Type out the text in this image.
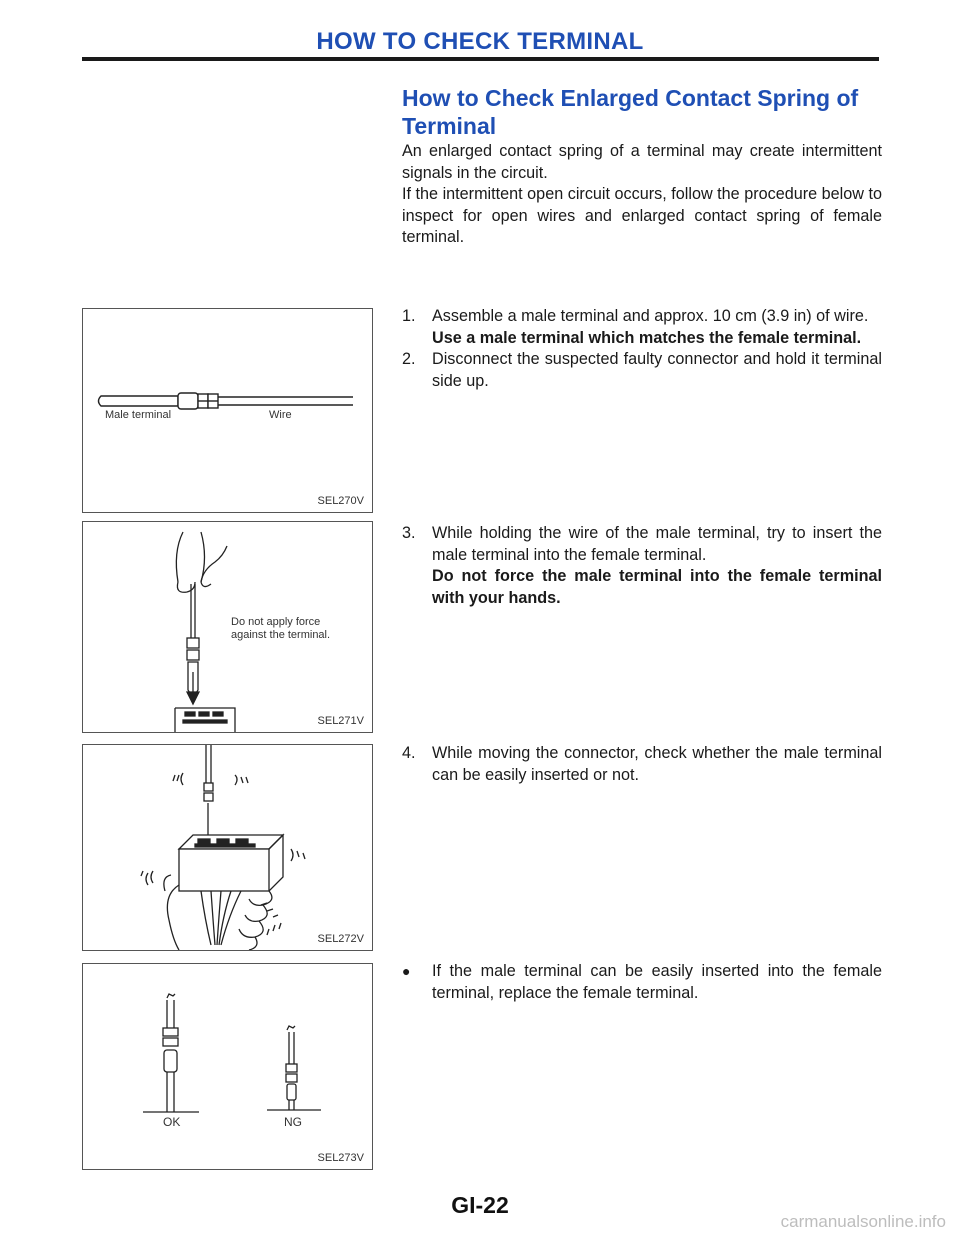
HOW TO CHECK TERMINAL
How to Check Enlarged Contact Spring of
Terminal

An enlarged contact spring of a terminal may create intermittent signals in the circuit.

If the intermittent open circuit occurs, follow the procedure below to inspect for open wires and enlarged contact spring of female terminal.

Male terminal	Wire
SEL270V
Do not apply force
against the terminal.
SEL271V
SEL272V
OK	NG
SEL273V
1.	Assemble a male terminal and approx. 10 cm (3.9 in) of wire.
Use a male terminal which matches the female terminal.
2.	Disconnect the suspected faulty connector and hold it terminal side up.
3.	While holding the wire of the male terminal, try to insert the male terminal into the female terminal.
Do not force the male terminal into the female terminal with your hands.
4.	While moving the connector, check whether the male terminal can be easily inserted or not.
●	If the male terminal can be easily inserted into the female terminal, replace the female terminal.
GI-22
carmanualsonline.info
